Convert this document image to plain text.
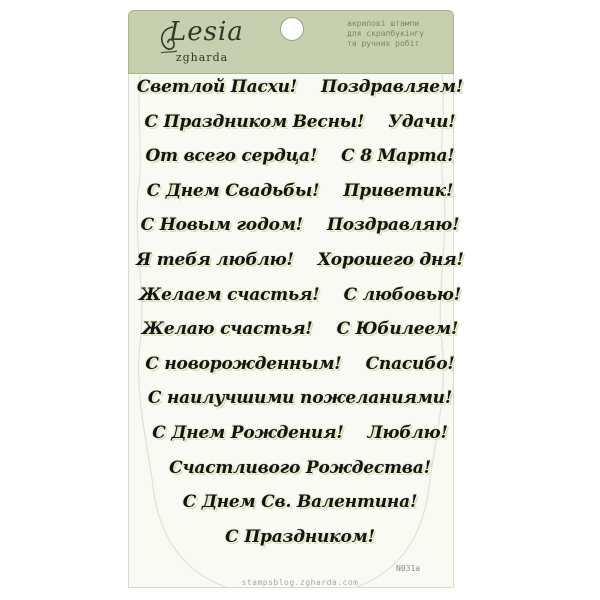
Lesia
zgharda
акрилові штампи
для скрапбукінгу
та ручних робіт
Светлой Пасхи! Поздравляем!
С Праздником Весны! Удачи!
От всего сердца! С 8 Марта!
С Днем Свадьбы! Приветик!
С Новым годом! Поздравляю!
Я тебя люблю! Хорошего дня!
Желаем счастья! С любовью!
Желаю счастья! С Юбилеем!
С новорожденным! Спасибо!
С наилучшими пожеланиями!
С Днем Рождения! Люблю!
Счастливого Рождества!
С Днем Св. Валентина!
С Праздником!
N031a
stampsblog.zgharda.com
